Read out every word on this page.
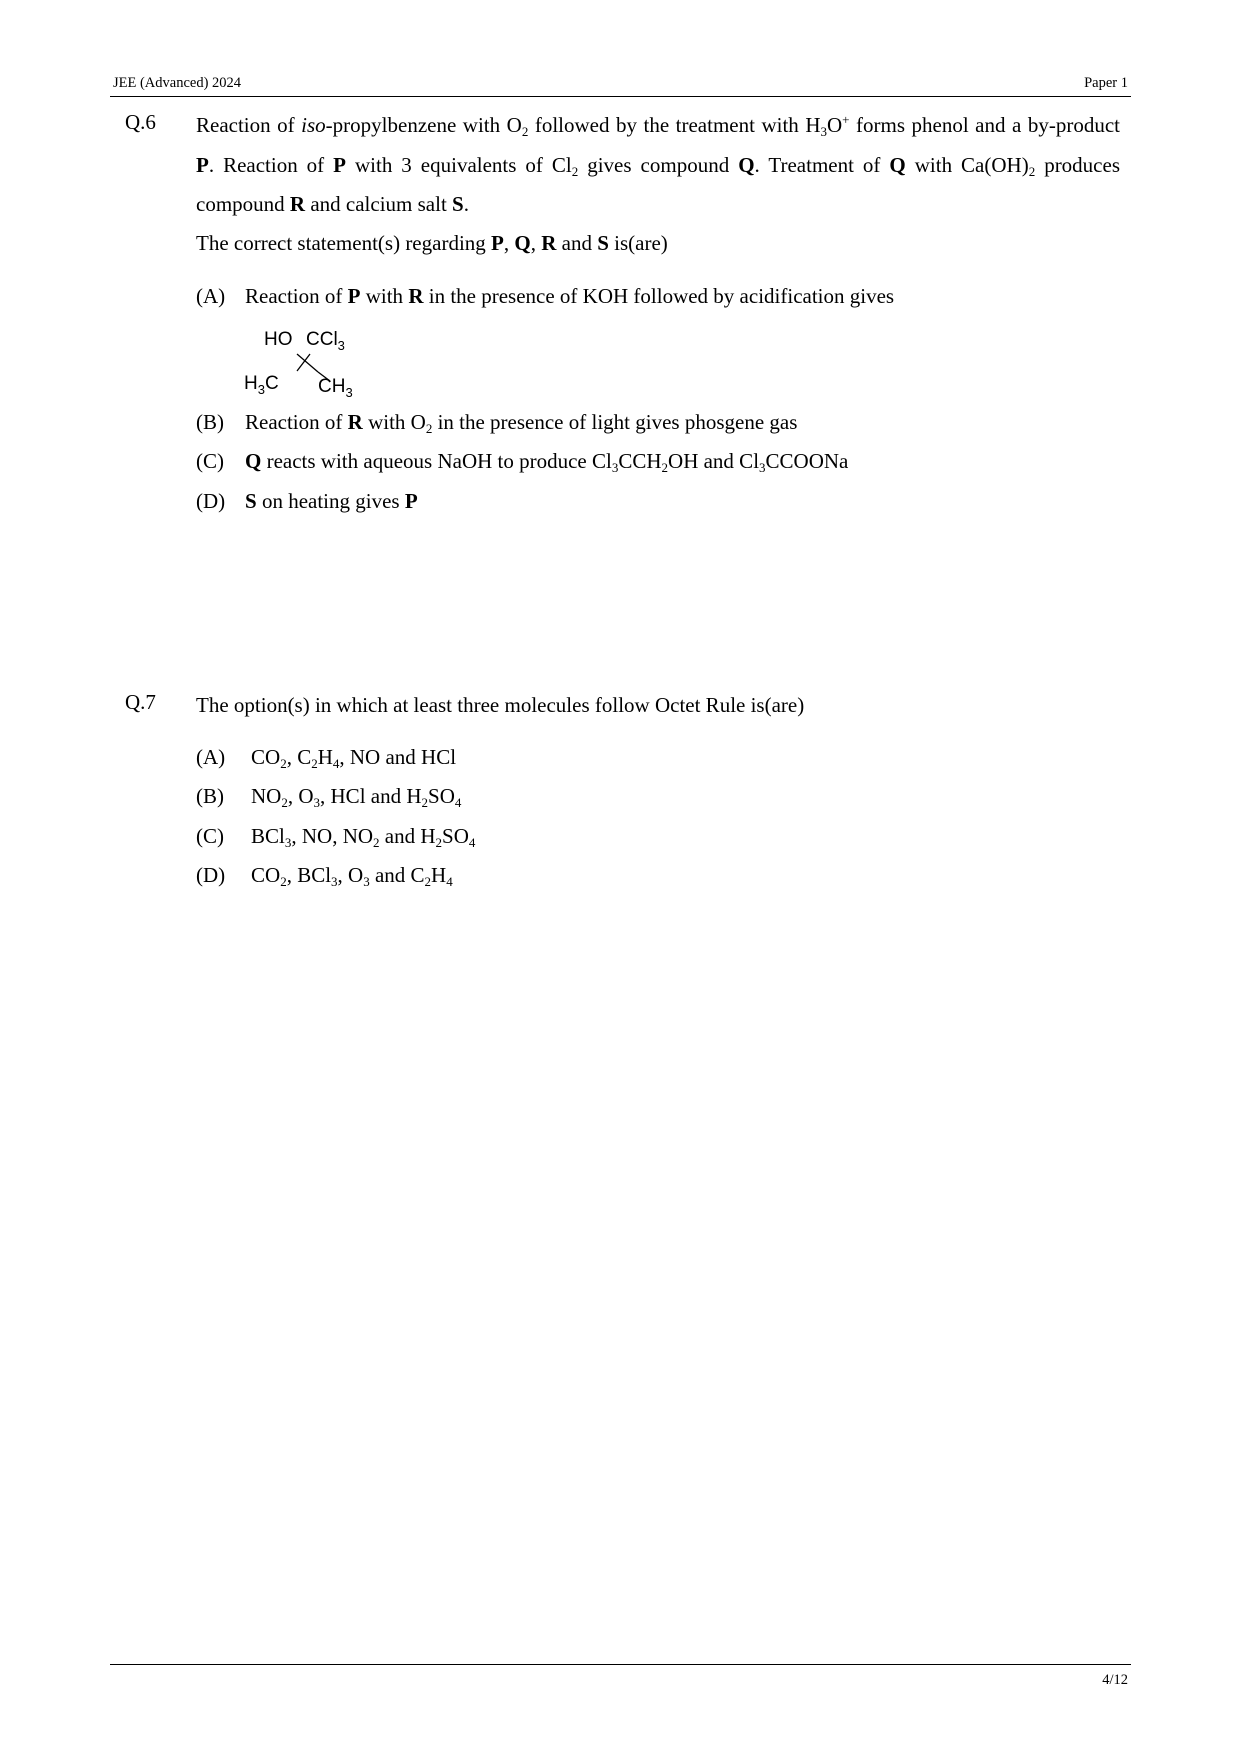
JEE (Advanced) 2024	Paper 1
Q.6 Reaction of iso-propylbenzene with $O_2$ followed by the treatment with $H_3O^+$ forms phenol and a by-product P. Reaction of P with 3 equivalents of $Cl_2$ gives compound Q. Treatment of Q with $Ca(OH)_2$ produces compound R and calcium salt S.
The correct statement(s) regarding P, Q, R and S is(are)
(A) Reaction of P with R in the presence of KOH followed by acidification gives
HO CCl$_3$
$H_3C$ $CH_3$
(B) Reaction of R with $O_2$ in the presence of light gives phosgene gas
(C) Q reacts with aqueous NaOH to produce $Cl_3CCH_2OH$ and $Cl_3CCOONa$
(D) S on heating gives P
Q.7 The option(s) in which at least three molecules follow Octet Rule is(are)
(A) $CO_2$, $C_2H_4$, NO and HCl
(B) $NO_2$, $O_3$, HCl and $H_2SO_4$
(C) BCl$_3$, NO, $NO_2$ and $H_2SO_4$
(D) $CO_2$, BCl$_3$, $O_3$ and $C_2H_4$
4/12
